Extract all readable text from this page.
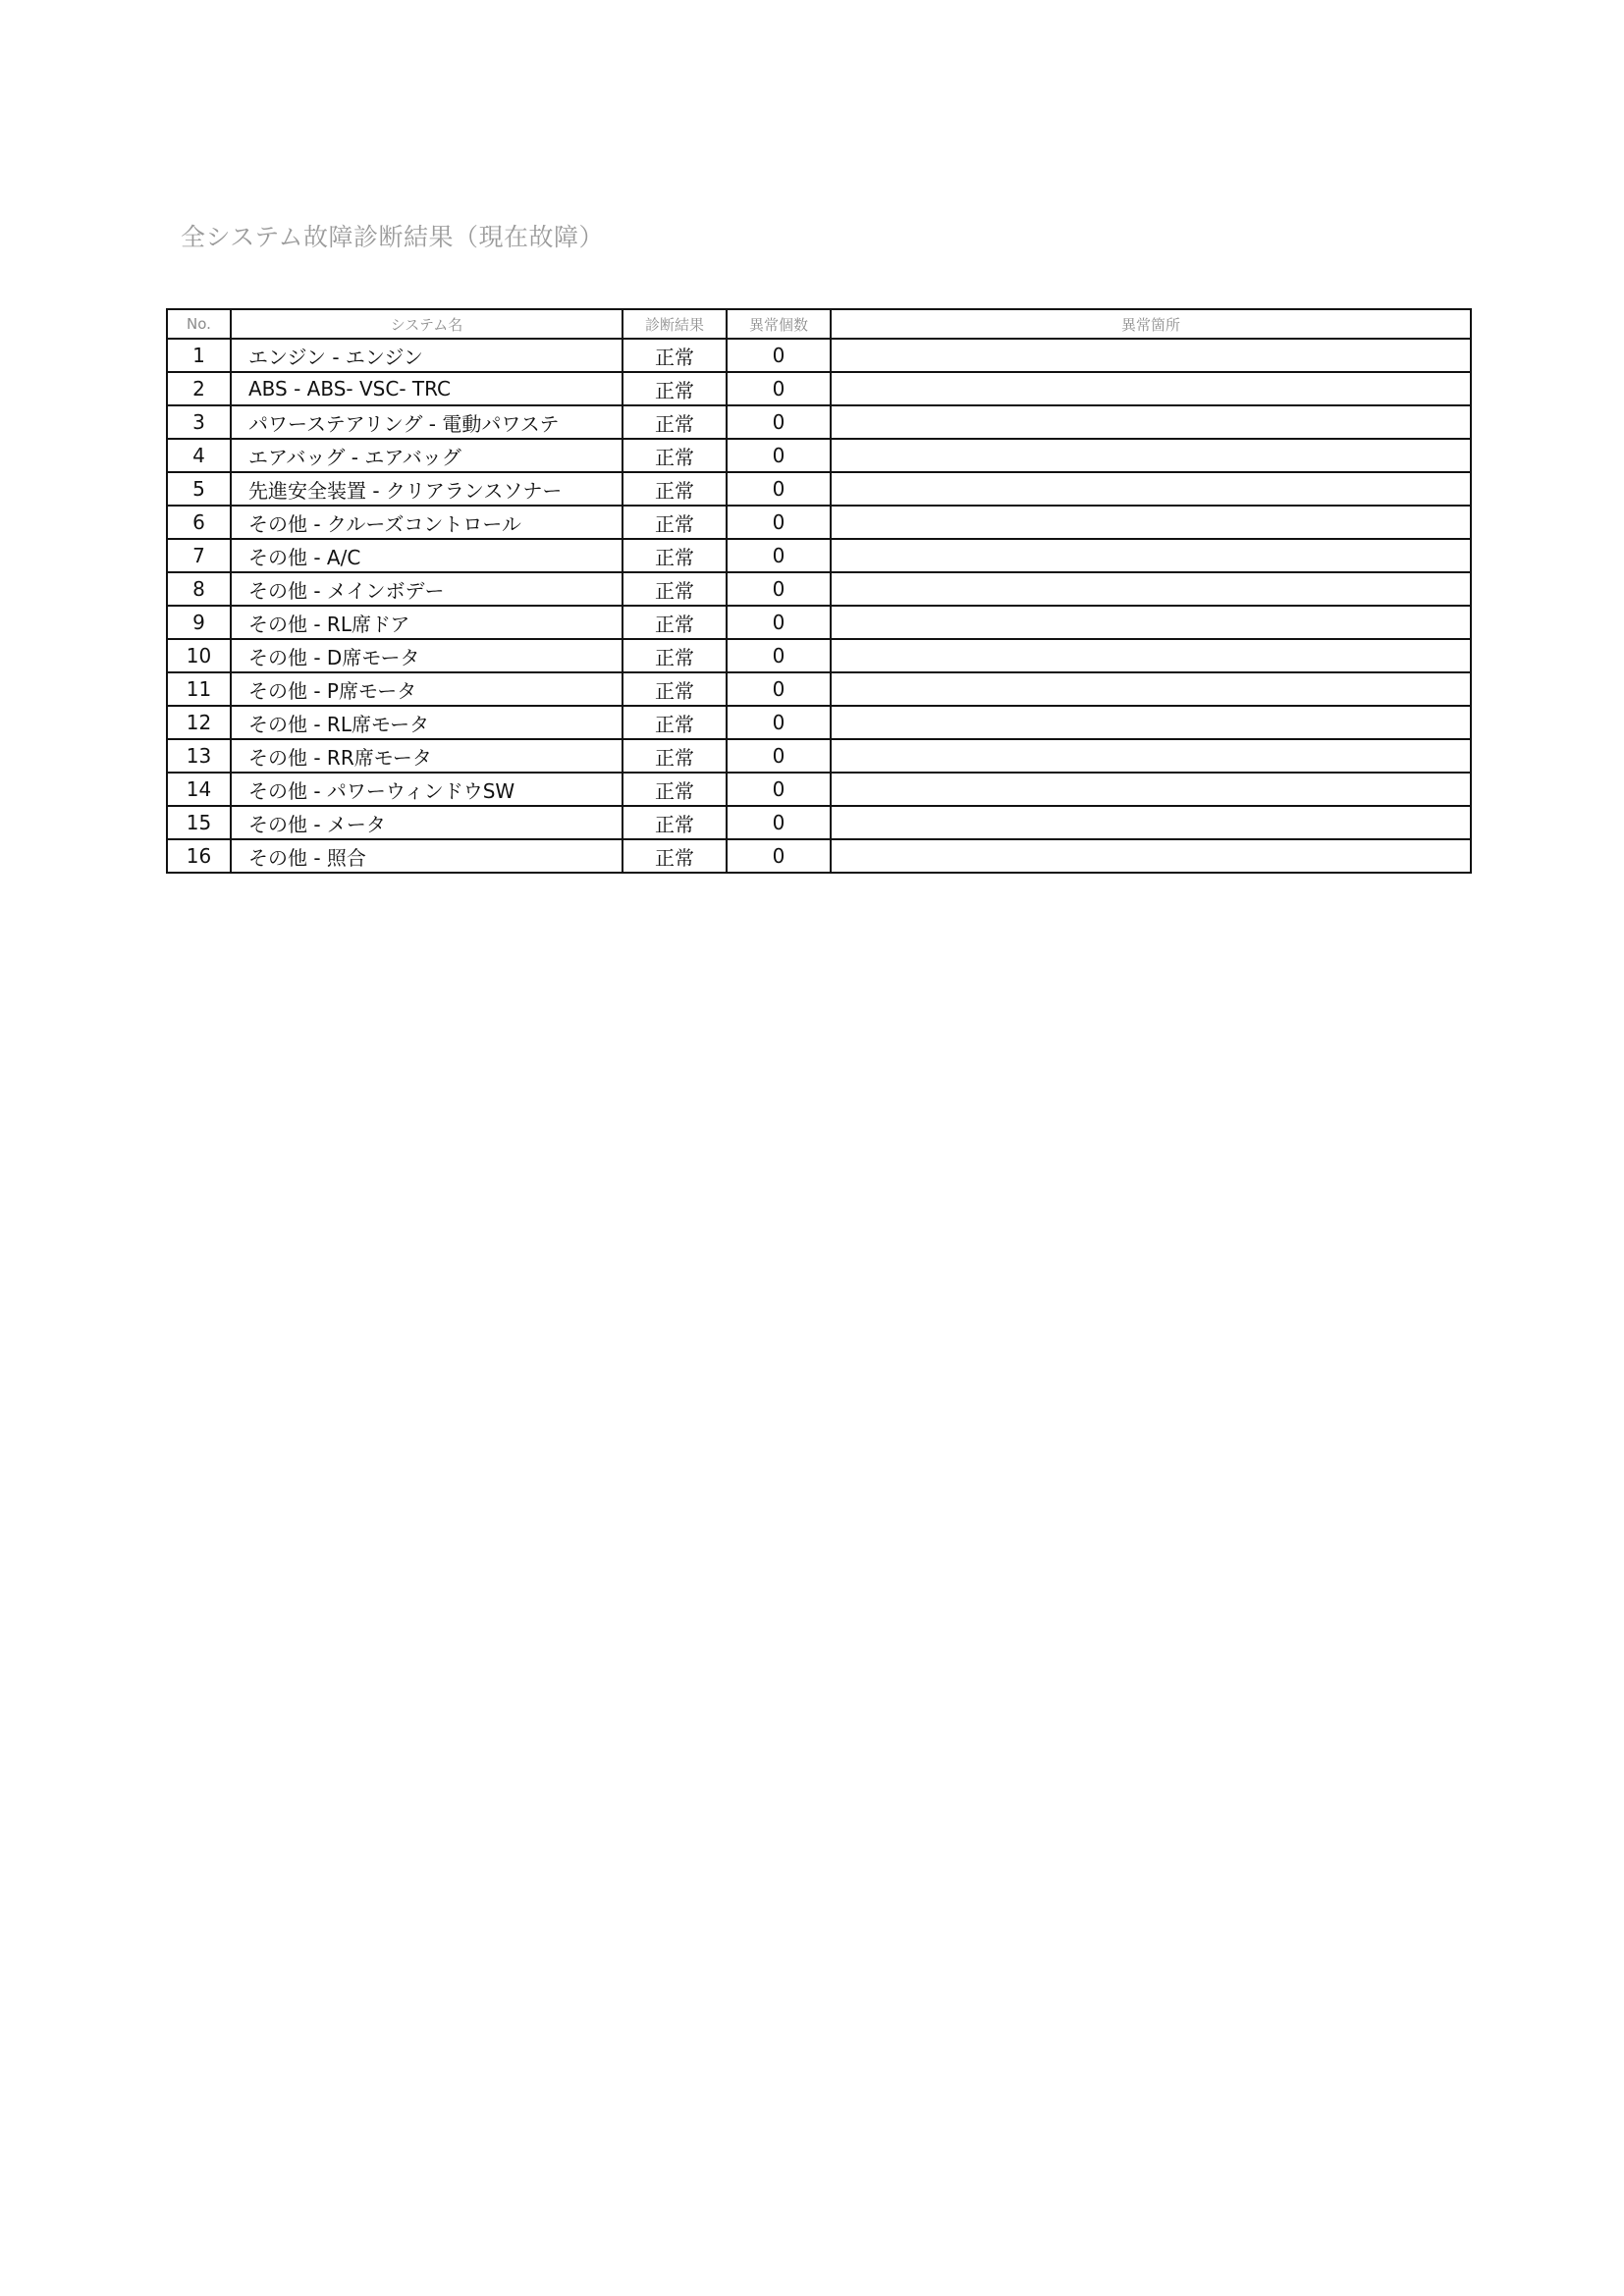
全システム故障診断結果（現在故障）
No.	システム名	診断結果	異常個数	異常箇所
1	エンジン - エンジン	正常	0	
2	ABS - ABS- VSC- TRC	正常	0	
3	パワーステアリング - 電動パワステ	正常	0	
4	エアバッグ - エアバッグ	正常	0	
5	先進安全装置 - クリアランスソナー	正常	0	
6	その他 - クルーズコントロール	正常	0	
7	その他 - A/C	正常	0	
8	その他 - メインボデー	正常	0	
9	その他 - RL席ドア	正常	0	
10	その他 - D席モータ	正常	0	
11	その他 - P席モータ	正常	0	
12	その他 - RL席モータ	正常	0	
13	その他 - RR席モータ	正常	0	
14	その他 - パワーウィンドウSW	正常	0	
15	その他 - メータ	正常	0	
16	その他 - 照合	正常	0	
